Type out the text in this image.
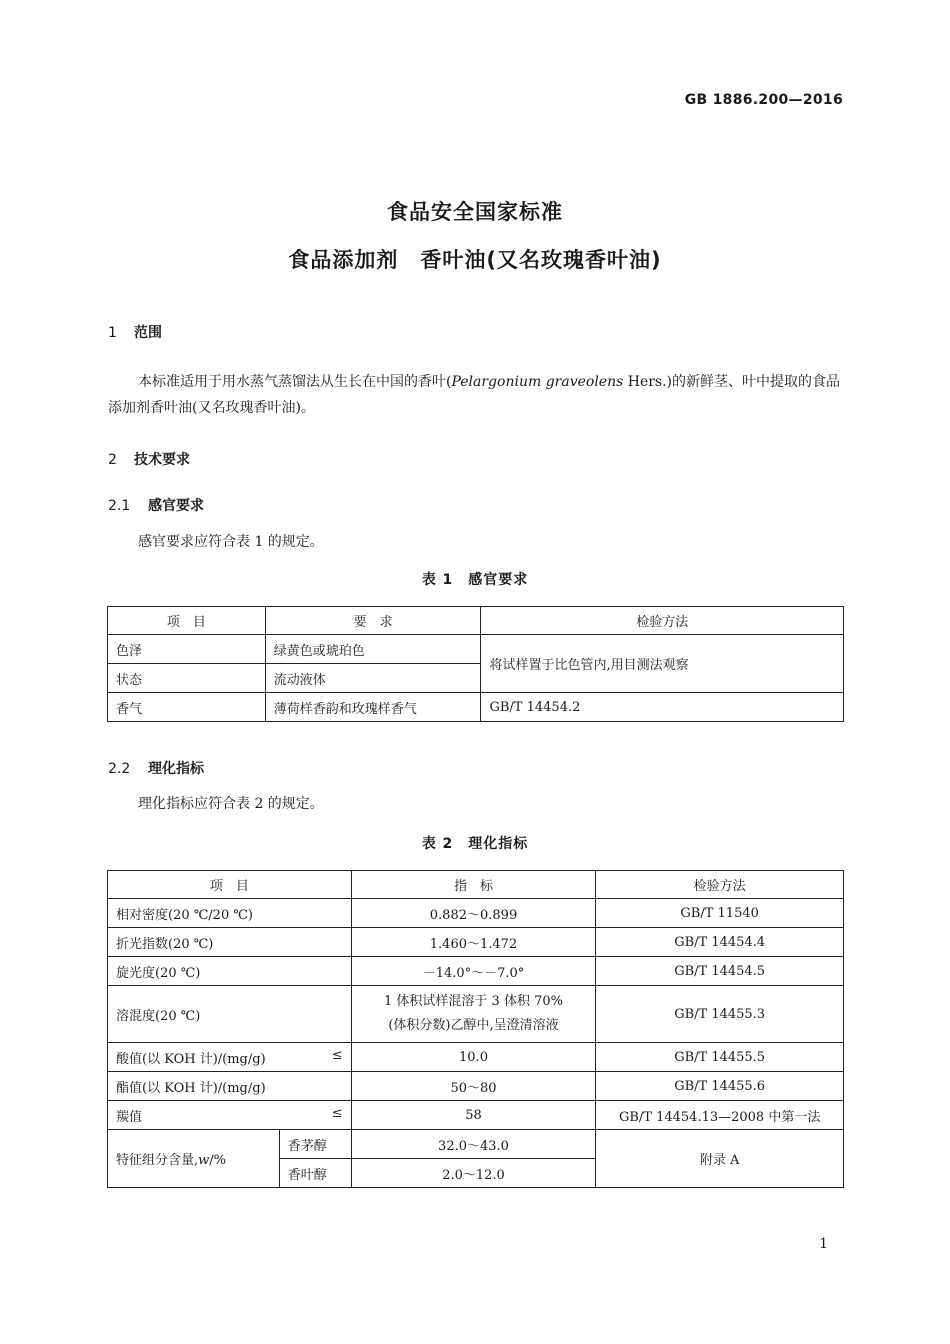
GB 1886.200—2016
食品安全国家标准
食品添加剂　香叶油(又名玫瑰香叶油)
1 范围
本标准适用于用水蒸气蒸馏法从生长在中国的香叶(Pelargonium graveolens Hers.)的新鲜茎、叶中提取的食品添加剂香叶油(又名玫瑰香叶油)。
2 技术要求
2.1 感官要求
感官要求应符合表 1 的规定。
表 1　感官要求
项　目	要　求	检验方法
色泽	绿黄色或琥珀色	将试样置于比色管内,用目测法观察
状态	流动液体	
香气	薄荷样香韵和玫瑰样香气	GB/T 14454.2
2.2 理化指标
理化指标应符合表 2 的规定。
表 2　理化指标
项　目		指　标	检验方法
相对密度(20 ℃/20 ℃)		0.882～0.899	GB/T 11540
折光指数(20 ℃)		1.460～1.472	GB/T 14454.4
旋光度(20 ℃)		－14.0°～－7.0°	GB/T 14454.5
溶混度(20 ℃)		1 体积试样混溶于 3 体积 70%
(体积分数)乙醇中,呈澄清溶液	GB/T 14455.3
酸值(以 KOH 计)/(mg/g) ≤		10.0	GB/T 14455.5
酯值(以 KOH 计)/(mg/g)		50～80	GB/T 14455.6
羰值 ≤		58	GB/T 14454.13—2008 中第一法
特征组分含量,w/%	香茅醇	32.0～43.0	附录 A
	香叶醇	2.0～12.0	
1
